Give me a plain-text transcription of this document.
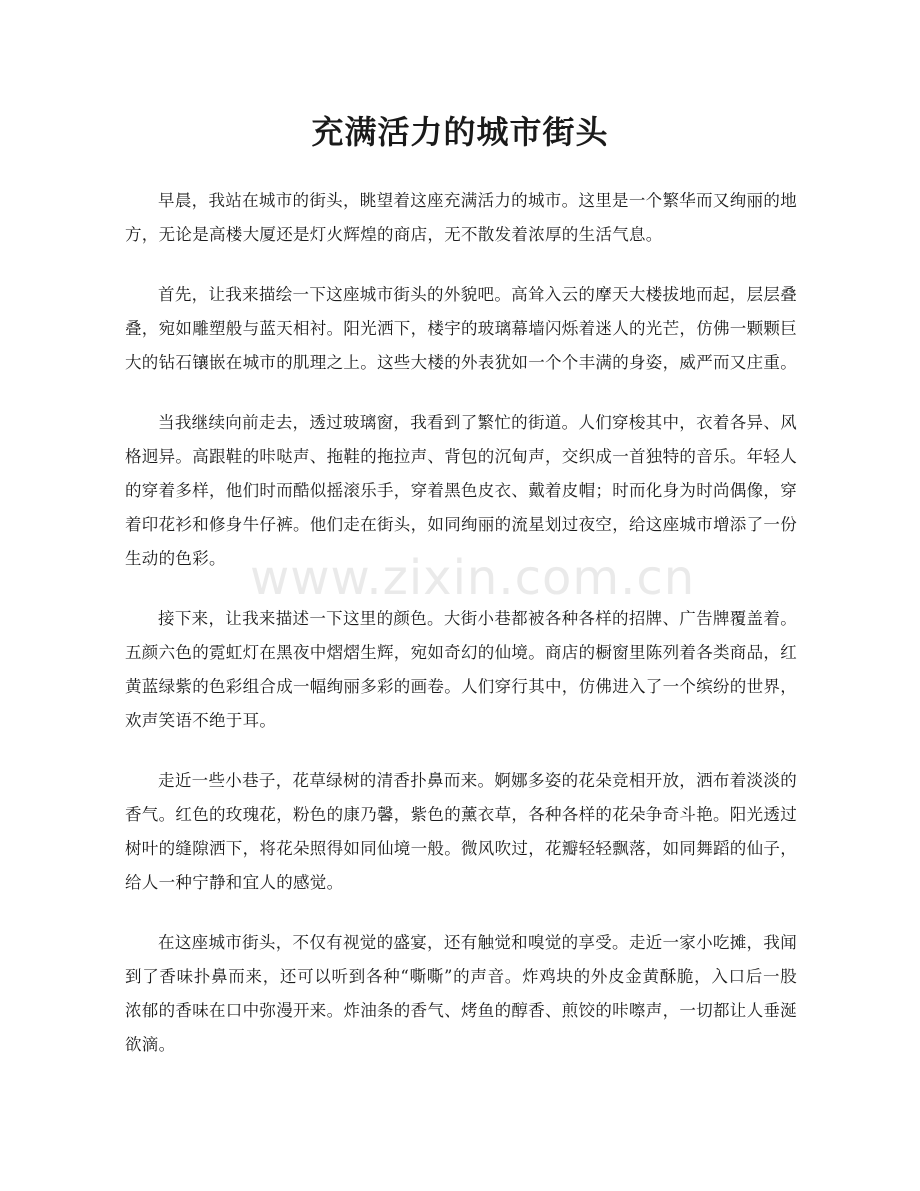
充满活力的城市街头

早晨，我站在城市的街头，眺望着这座充满活力的城市。这里是一个繁华而又绚丽的地方，无论是高楼大厦还是灯火辉煌的商店，无不散发着浓厚的生活气息。

首先，让我来描绘一下这座城市街头的外貌吧。高耸入云的摩天大楼拔地而起，层层叠叠，宛如雕塑般与蓝天相衬。阳光洒下，楼宇的玻璃幕墙闪烁着迷人的光芒，仿佛一颗颗巨大的钻石镶嵌在城市的肌理之上。这些大楼的外表犹如一个个丰满的身姿，威严而又庄重。

当我继续向前走去，透过玻璃窗，我看到了繁忙的街道。人们穿梭其中，衣着各异、风格迥异。高跟鞋的咔哒声、拖鞋的拖拉声、背包的沉甸声，交织成一首独特的音乐。年轻人的穿着多样，他们时而酷似摇滚乐手，穿着黑色皮衣、戴着皮帽；时而化身为时尚偶像，穿着印花衫和修身牛仔裤。他们走在街头，如同绚丽的流星划过夜空，给这座城市增添了一份生动的色彩。

接下来，让我来描述一下这里的颜色。大街小巷都被各种各样的招牌、广告牌覆盖着。五颜六色的霓虹灯在黑夜中熠熠生辉，宛如奇幻的仙境。商店的橱窗里陈列着各类商品，红黄蓝绿紫的色彩组合成一幅绚丽多彩的画卷。人们穿行其中，仿佛进入了一个缤纷的世界，欢声笑语不绝于耳。

走近一些小巷子，花草绿树的清香扑鼻而来。婀娜多姿的花朵竞相开放，洒布着淡淡的香气。红色的玫瑰花，粉色的康乃馨，紫色的薰衣草，各种各样的花朵争奇斗艳。阳光透过树叶的缝隙洒下，将花朵照得如同仙境一般。微风吹过，花瓣轻轻飘落，如同舞蹈的仙子，给人一种宁静和宜人的感觉。

在这座城市街头，不仅有视觉的盛宴，还有触觉和嗅觉的享受。走近一家小吃摊，我闻到了香味扑鼻而来，还可以听到各种“嘶嘶”的声音。炸鸡块的外皮金黄酥脆，入口后一股浓郁的香味在口中弥漫开来。炸油条的香气、烤鱼的醇香、煎饺的咔嚓声，一切都让人垂涎欲滴。

www.zixin.com.cn
